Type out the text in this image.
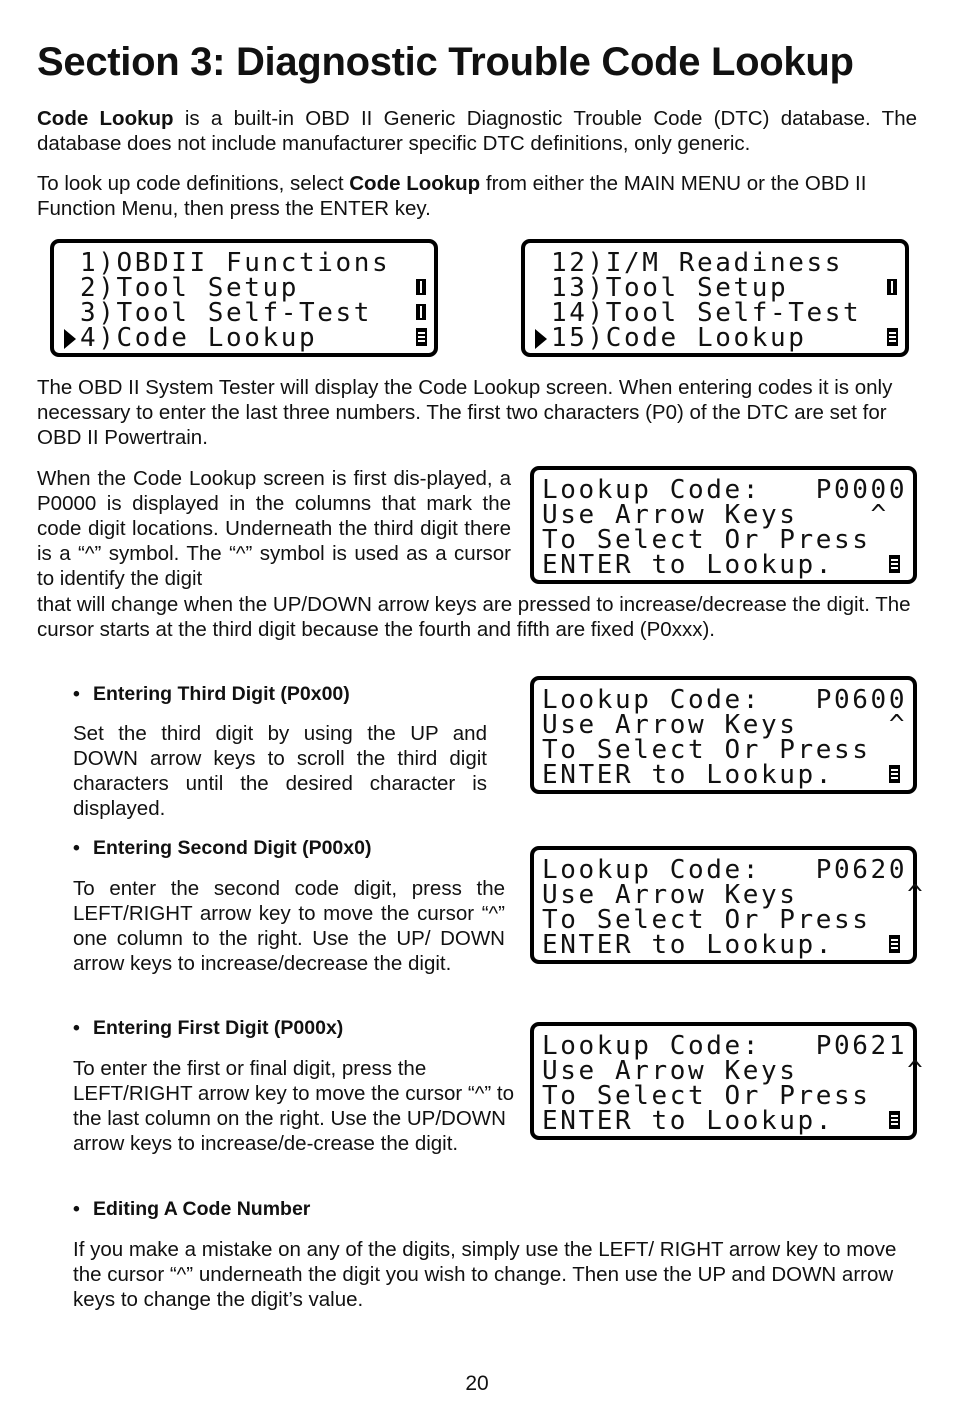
Section 3: Diagnostic Trouble Code Lookup

Code Lookup is a built-in OBD II Generic Diagnostic Trouble Code (DTC) database. The database does not include manufacturer specific DTC definitions, only generic.

To look up code definitions, select Code Lookup from either the MAIN MENU or the OBD II Function Menu, then press the ENTER key.

1)OBDII Functions
2)Tool Setup
3)Tool Self-Test
4)Code Lookup
12)I/M Readiness
13)Tool Setup
14)Tool Self-Test
15)Code Lookup

The OBD II System Tester will display the Code Lookup screen. When entering codes it is only necessary to enter the last three numbers. The first two characters (P0) of the DTC are set for OBD II Powertrain.

When the Code Lookup screen is first dis-played, a P0000 is displayed in the columns that mark the code digit locations. Underneath the third digit there is a “^” symbol. The “^” symbol is used as a cursor to identify the digit

that will change when the UP/DOWN arrow keys are pressed to increase/decrease the digit. The cursor starts at the third digit because the fourth and fifth are fixed (P0xxx).

Lookup Code:   P0000
Use Arrow Keys    ^
To Select Or Press
ENTER to Lookup.
Lookup Code:   P0600
Use Arrow Keys     ^
To Select Or Press
ENTER to Lookup.
Lookup Code:   P0620
Use Arrow Keys      ^
To Select Or Press
ENTER to Lookup.
Lookup Code:   P0621
Use Arrow Keys      ^
To Select Or Press
ENTER to Lookup.
• Entering Third Digit (P0x00)

Set the third digit by using the UP and DOWN arrow keys to scroll the third digit characters until the desired character is displayed.

• Entering Second Digit (P00x0)

To enter the second code digit, press the LEFT/RIGHT arrow key to move the cursor “^” one column to the right. Use the UP/ DOWN arrow keys to increase/decrease the digit.

• Entering First Digit (P000x)

To enter the first or final digit, press the LEFT/RIGHT arrow key to move the cursor “^” to the last column on the right. Use the UP/DOWN arrow keys to increase/de-crease the digit.

• Editing A Code Number

If you make a mistake on any of the digits, simply use the LEFT/ RIGHT arrow key to move the cursor “^” underneath the digit you wish to change. Then use the UP and DOWN arrow keys to change the digit’s value.

20
